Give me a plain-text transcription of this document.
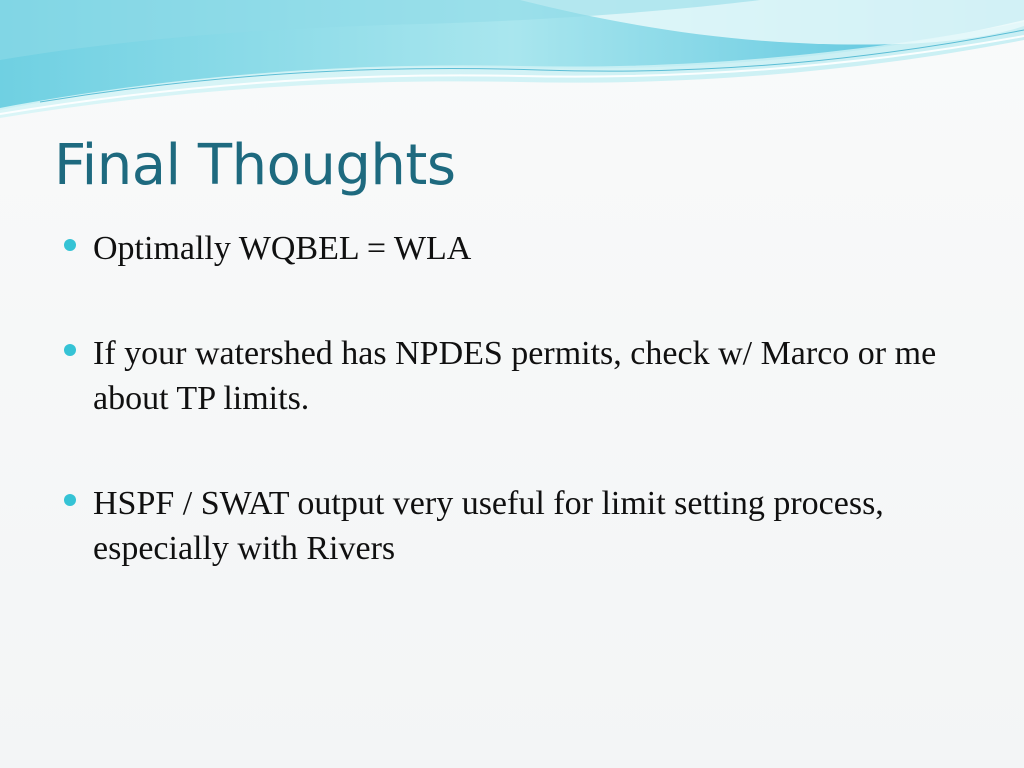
Final Thoughts
Optimally WQBEL = WLA
If your watershed has NPDES permits, check w/ Marco or me about TP limits.
HSPF / SWAT output very useful for limit setting process, especially with Rivers
